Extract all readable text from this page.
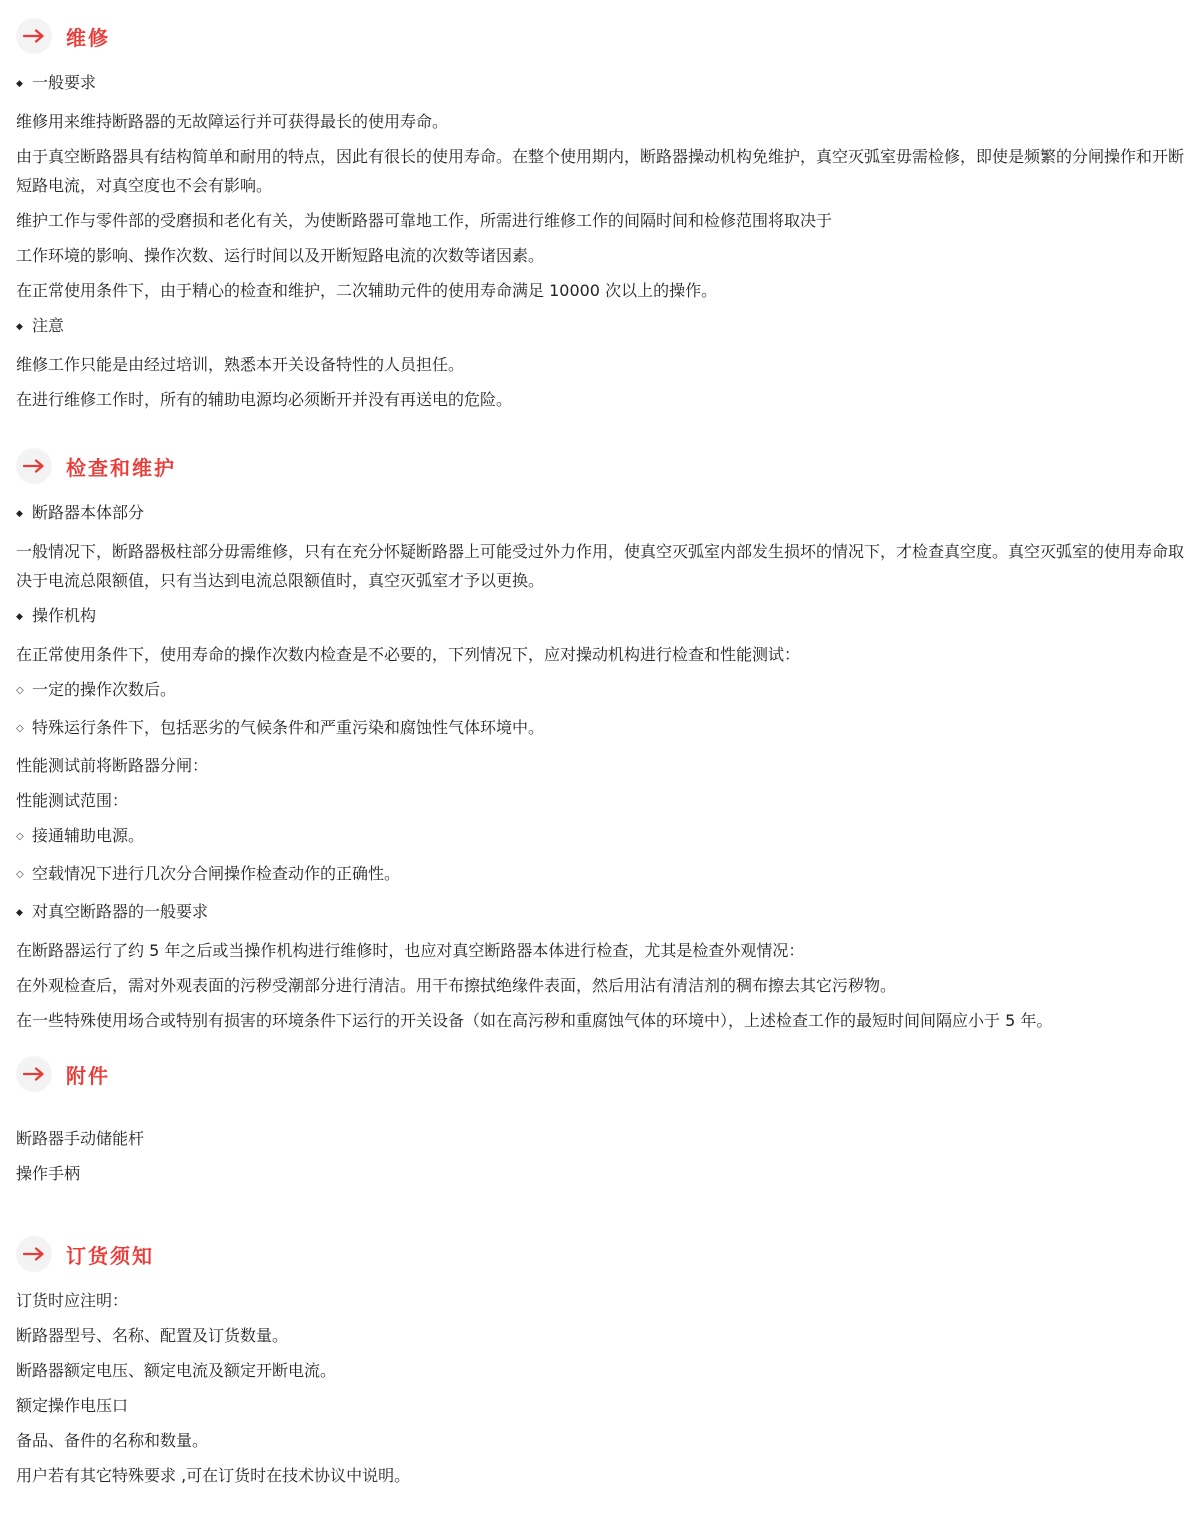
维修
◆ 一般要求
维修用来维持断路器的无故障运行并可获得最长的使用寿命。
由于真空断路器具有结构简单和耐用的特点，因此有很长的使用寿命。在整个使用期内，断路器操动机构免维护，真空灭弧室毋需检修，即使是频繁的分闸操作和开断短路电流，对真空度也不会有影响。
维护工作与零件部的受磨损和老化有关，为使断路器可靠地工作，所需进行维修工作的间隔时间和检修范围将取决于
工作环境的影响、操作次数、运行时间以及开断短路电流的次数等诸因素。
在正常使用条件下，由于精心的检查和维护，二次辅助元件的使用寿命满足 10000 次以上的操作。
◆ 注意
维修工作只能是由经过培训，熟悉本开关设备特性的人员担任。
在进行维修工作时，所有的辅助电源均必须断开并没有再送电的危险。
检查和维护
◆ 断路器本体部分
一般情况下，断路器极柱部分毋需维修，只有在充分怀疑断路器上可能受过外力作用，使真空灭弧室内部发生损坏的情况下，才检查真空度。真空灭弧室的使用寿命取决于电流总限额值，只有当达到电流总限额值时，真空灭弧室才予以更换。
◆ 操作机构
在正常使用条件下，使用寿命的操作次数内检查是不必要的，下列情况下，应对操动机构进行检查和性能测试：
◇ 一定的操作次数后。
◇ 特殊运行条件下，包括恶劣的气候条件和严重污染和腐蚀性气体环境中。
性能测试前将断路器分闸：
性能测试范围：
◇ 接通辅助电源。
◇ 空载情况下进行几次分合闸操作检查动作的正确性。
◆ 对真空断路器的一般要求
在断路器运行了约 5 年之后或当操作机构进行维修时，也应对真空断路器本体进行检查，尤其是检查外观情况：
在外观检查后，需对外观表面的污秽受潮部分进行清洁。用干布擦拭绝缘件表面，然后用沾有清洁剂的稠布擦去其它污秽物。
在一些特殊使用场合或特别有损害的环境条件下运行的开关设备（如在高污秽和重腐蚀气体的环境中），上述检查工作的最短时间间隔应小于 5 年。
附件
断路器手动储能杆
操作手柄
订货须知
订货时应注明：
断路器型号、名称、配置及订货数量。
断路器额定电压、额定电流及额定开断电流。
额定操作电压口
备品、备件的名称和数量。
用户若有其它特殊要求 ,可在订货时在技术协议中说明。
